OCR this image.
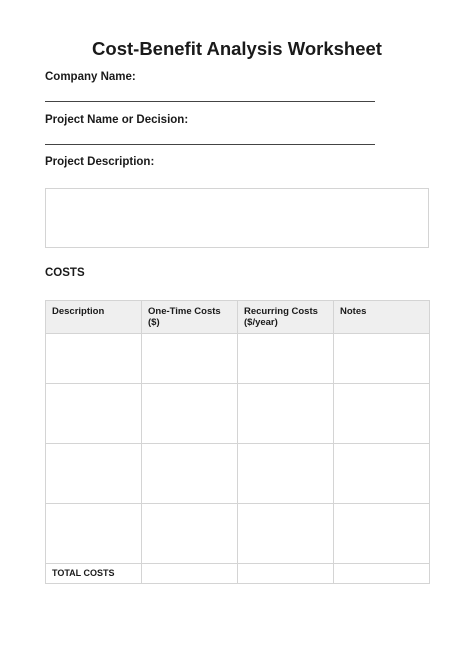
Cost-Benefit Analysis Worksheet
Company Name:
Project Name or Decision:
Project Description:
COSTS
Description	One-Time Costs ($)	Recurring Costs ($/year)	Notes

TOTAL COSTS			
